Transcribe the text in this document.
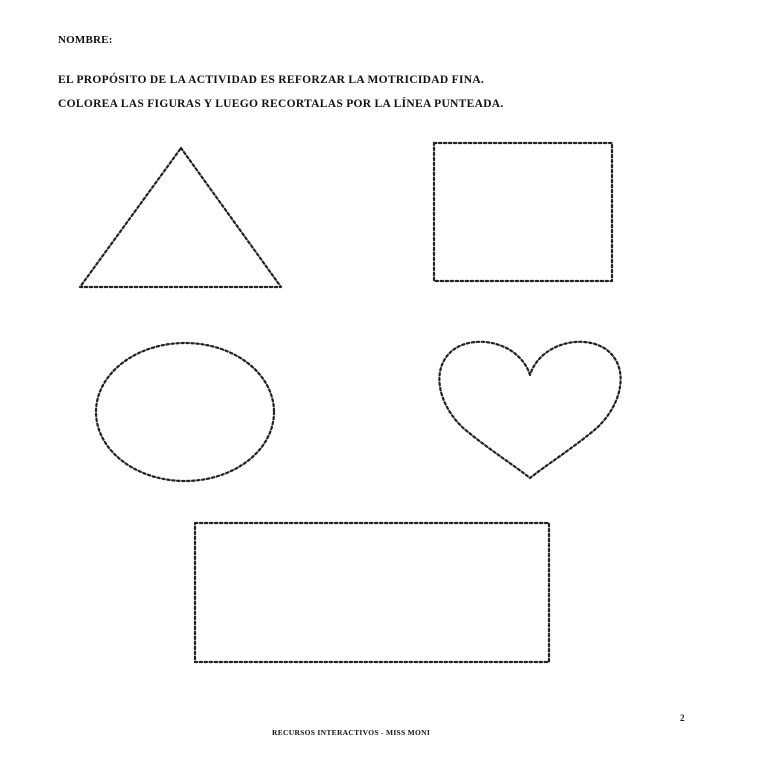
NOMBRE:
EL PROPÓSITO DE LA ACTIVIDAD ES REFORZAR LA MOTRICIDAD FINA.
COLOREA LAS FIGURAS Y LUEGO RECORTALAS POR LA LÍNEA PUNTEADA.
RECURSOS INTERACTIVOS - MISS MONI
2
